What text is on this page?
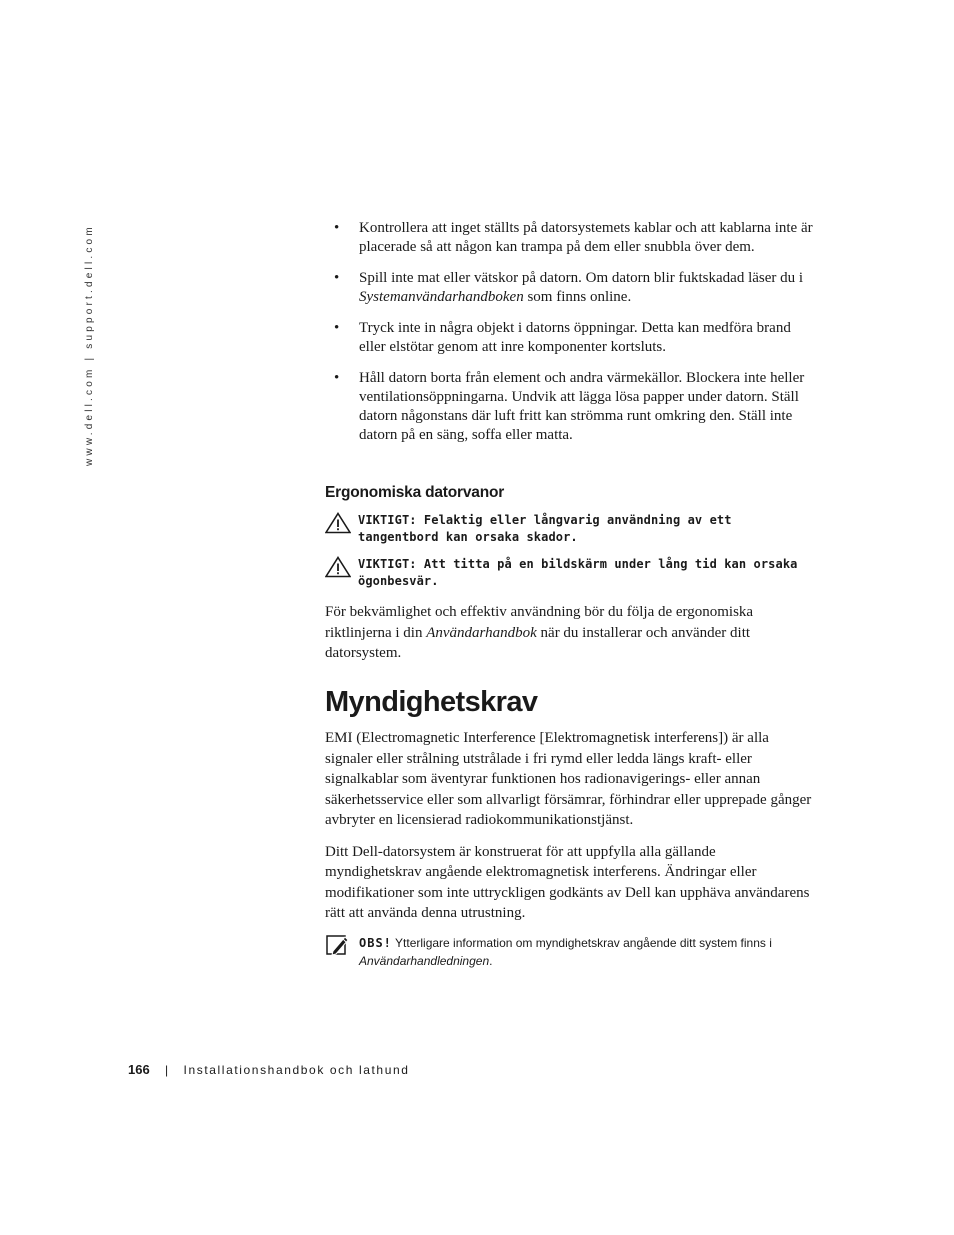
www.dell.com | support.dell.com	• Kontrollera att inget ställts på datorsystemets kablar och att kablarna inte är placerade så att någon kan trampa på dem eller snubbla över dem.
• Spill inte mat eller vätskor på datorn. Om datorn blir fuktskadad läser du i Systemanvändarhandboken som finns online.
• Tryck inte in några objekt i datorns öppningar. Detta kan medföra brand eller elstötar genom att inre komponenter kortsluts.
• Håll datorn borta från element och andra värmekällor. Blockera inte heller ventilationsöppningarna. Undvik att lägga lösa papper under datorn. Ställ datorn någonstans där luft fritt kan strömma runt omkring den. Ställ inte datorn på en säng, soffa eller matta.
Ergonomiska datorvanor
VIKTIGT: Felaktig eller långvarig användning av ett tangentbord kan orsaka skador.
VIKTIGT: Att titta på en bildskärm under lång tid kan orsaka ögonbesvär.

För bekvämlighet och effektiv användning bör du följa de ergonomiska riktlinjerna i din Användarhandbok när du installerar och använder ditt datorsystem.

Myndighetskrav

EMI (Electromagnetic Interference [Elektromagnetisk interferens]) är alla signaler eller strålning utstrålade i fri rymd eller ledda längs kraft- eller signalkablar som äventyrar funktionen hos radionavigerings- eller annan säkerhetsservice eller som allvarligt försämrar, förhindrar eller upprepade gånger avbryter en licensierad radiokommunikationstjänst.

Ditt Dell-datorsystem är konstruerat för att uppfylla alla gällande myndighetskrav angående elektromagnetisk interferens. Ändringar eller modifikationer som inte uttryckligen godkänts av Dell kan upphäva användarens rätt att använda denna utrustning.

OBS! Ytterligare information om myndighetskrav angående ditt system finns i Användarhandledningen.
166 | Installationshandbok och lathund
